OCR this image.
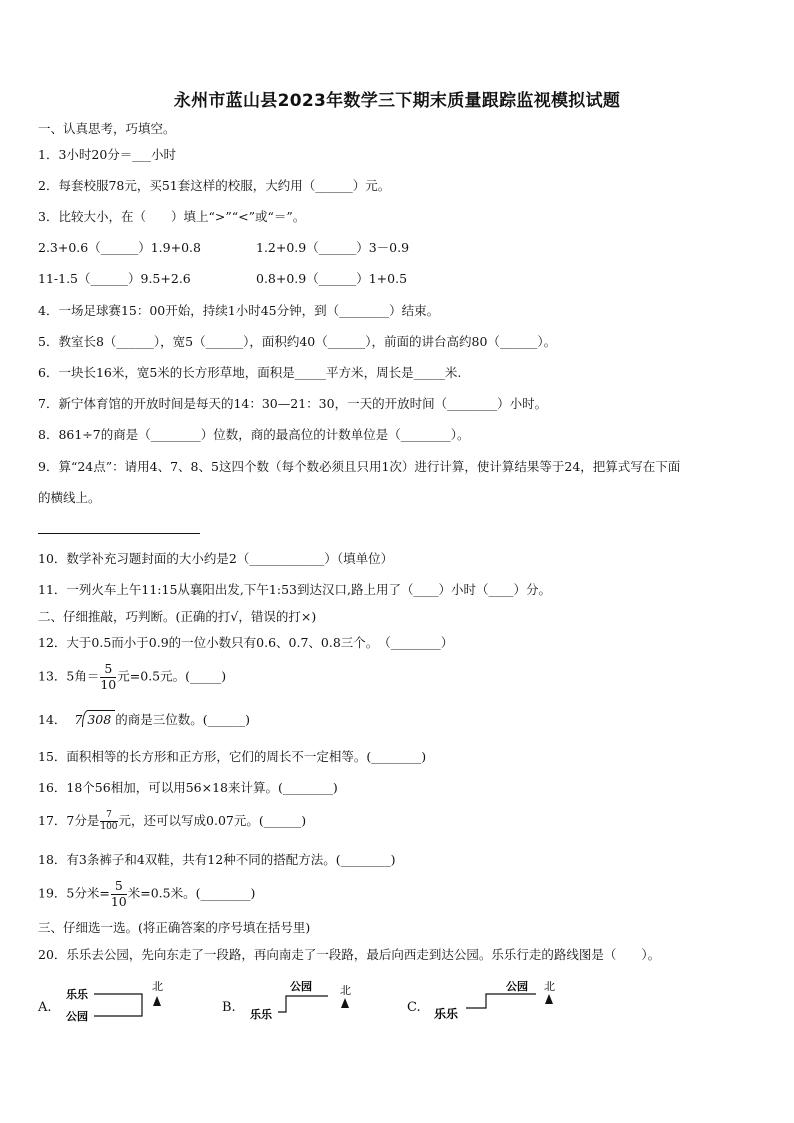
永州市蓝山县2023年数学三下期末质量跟踪监视模拟试题
一、认真思考，巧填空。
1．3小时20分＝___小时
2．每套校服78元，买51套这样的校服，大约用（______）元。
3．比较大小，在（　　）填上“>”“<”或“＝”。
2.3+0.6（______）1.9+0.8	1.2+0.9（______）3－0.9
11-1.5（______）9.5+2.6	0.8+0.9（______）1+0.5
4．一场足球赛15：00开始，持续1小时45分钟，到（________）结束。
5．教室长8（______），宽5（______），面积约40（______），前面的讲台高约80（______）。
6．一块长16米，宽5米的长方形草地，面积是_____平方米，周长是_____米.
7．新宁体育馆的开放时间是每天的14：30—21：30，一天的开放时间（________）小时。
8．861÷7的商是（________）位数，商的最高位的计数单位是（________）。
9．算“24点”：请用4、7、8、5这四个数（每个数必须且只用1次）进行计算，使计算结果等于24，把算式写在下面
的横线上。
10．数学补充习题封面的大小约是2（____________）（填单位）
11．一列火车上午11:15从襄阳出发,下午1:53到达汉口,路上用了（____）小时（____）分。
二、仔细推敲，巧判断。(正确的打√，错误的打×)
12．大于0.5而小于0.9的一位小数只有0.6、0.7、0.8三个。　（________）
13．5角＝ $\frac{5}{10}$ 元=0.5元。(_____)
14． 7 308 的商是三位数。(______)
15．面积相等的长方形和正方形，它们的周长不一定相等。(________)
16．18个56相加，可以用56×18来计算。(________)
17．7分是 $\frac{7}{100}$ 元，还可以写成0.07元。(______)
18．有3条裤子和4双鞋，共有12种不同的搭配方法。(________)
19．5分米= $\frac{5}{10}$ 米=0.5米。(________)
三、仔细选一选。(将正确答案的序号填在括号里)
20．乐乐去公园，先向东走了一段路，再向南走了一段路，最后向西走到达公园。乐乐行走的路线图是（　　）。
A.
乐乐
公园
北
B.
公园
乐乐
北
C.
公园
乐乐
北
